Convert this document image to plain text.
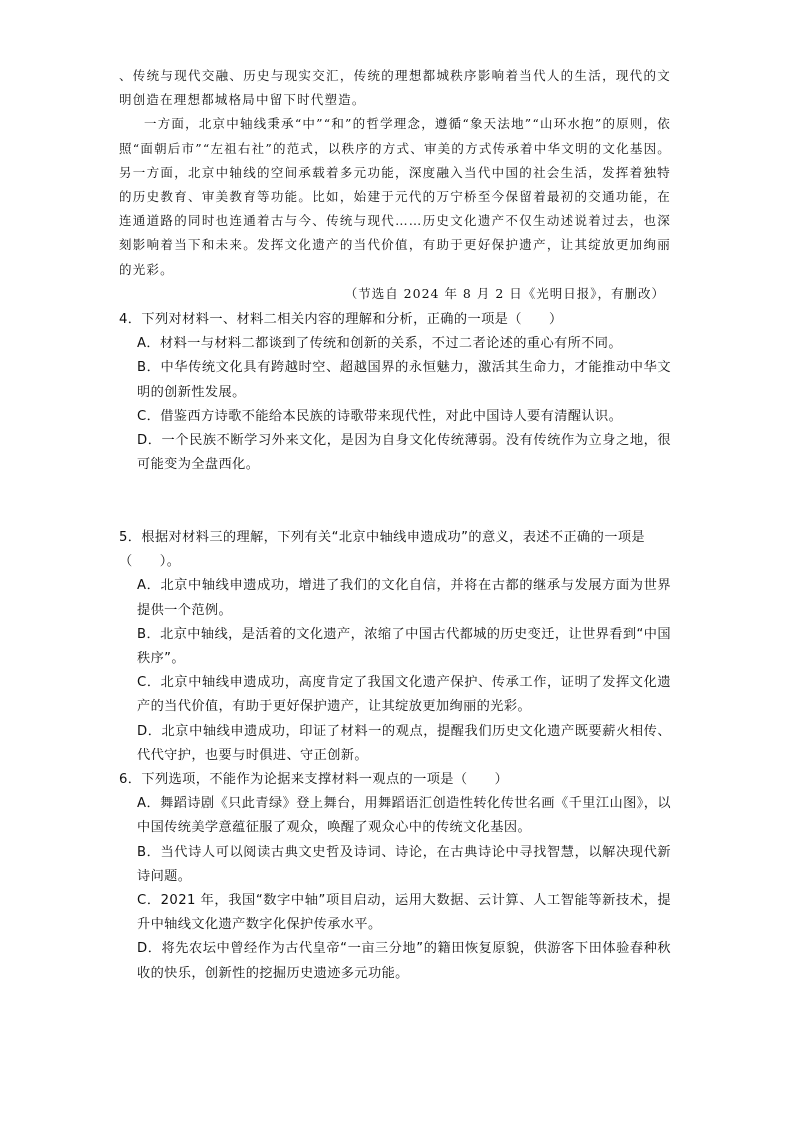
、传统与现代交融、历史与现实交汇，传统的理想都城秩序影响着当代人的生活，现代的文明创造在理想都城格局中留下时代塑造。

一方面，北京中轴线秉承“中”“和”的哲学理念，遵循“象天法地”“山环水抱”的原则，依照“面朝后市”“左祖右社”的范式，以秩序的方式、审美的方式传承着中华文明的文化基因。另一方面，北京中轴线的空间承载着多元功能，深度融入当代中国的社会生活，发挥着独特的历史教育、审美教育等功能。比如，始建于元代的万宁桥至今保留着最初的交通功能，在连通道路的同时也连通着古与今、传统与现代……历史文化遗产不仅生动述说着过去，也深刻影响着当下和未来。发挥文化遗产的当代价值，有助于更好保护遗产，让其绽放更加绚丽的光彩。

（节选自 2024 年 8 月 2 日《光明日报》，有删改）

4．下列对材料一、材料二相关内容的理解和分析，正确的一项是（　　）

A．材料一与材料二都谈到了传统和创新的关系，不过二者论述的重心有所不同。

B．中华传统文化具有跨越时空、超越国界的永恒魅力，激活其生命力，才能推动中华文明的创新性发展。

C．借鉴西方诗歌不能给本民族的诗歌带来现代性，对此中国诗人要有清醒认识。

D．一个民族不断学习外来文化，是因为自身文化传统薄弱。没有传统作为立身之地，很可能变为全盘西化。

5．根据对材料三的理解，下列有关“北京中轴线申遗成功”的意义，表述不正确的一项是（　　）。

A．北京中轴线申遗成功，增进了我们的文化自信，并将在古都的继承与发展方面为世界提供一个范例。

B．北京中轴线，是活着的文化遗产，浓缩了中国古代都城的历史变迁，让世界看到“中国秩序”。

C．北京中轴线申遗成功，高度肯定了我国文化遗产保护、传承工作，证明了发挥文化遗产的当代价值，有助于更好保护遗产，让其绽放更加绚丽的光彩。

D．北京中轴线申遗成功，印证了材料一的观点，提醒我们历史文化遗产既要薪火相传、代代守护，也要与时俱进、守正创新。

6．下列选项，不能作为论据来支撑材料一观点的一项是（　　）

A．舞蹈诗剧《只此青绿》登上舞台，用舞蹈语汇创造性转化传世名画《千里江山图》，以中国传统美学意蕴征服了观众，唤醒了观众心中的传统文化基因。

B．当代诗人可以阅读古典文史哲及诗词、诗论，在古典诗论中寻找智慧，以解决现代新诗问题。

C．2021 年，我国“数字中轴”项目启动，运用大数据、云计算、人工智能等新技术，提升中轴线文化遗产数字化保护传承水平。

D．将先农坛中曾经作为古代皇帝“一亩三分地”的籍田恢复原貌，供游客下田体验春种秋收的快乐，创新性的挖掘历史遗迹多元功能。
